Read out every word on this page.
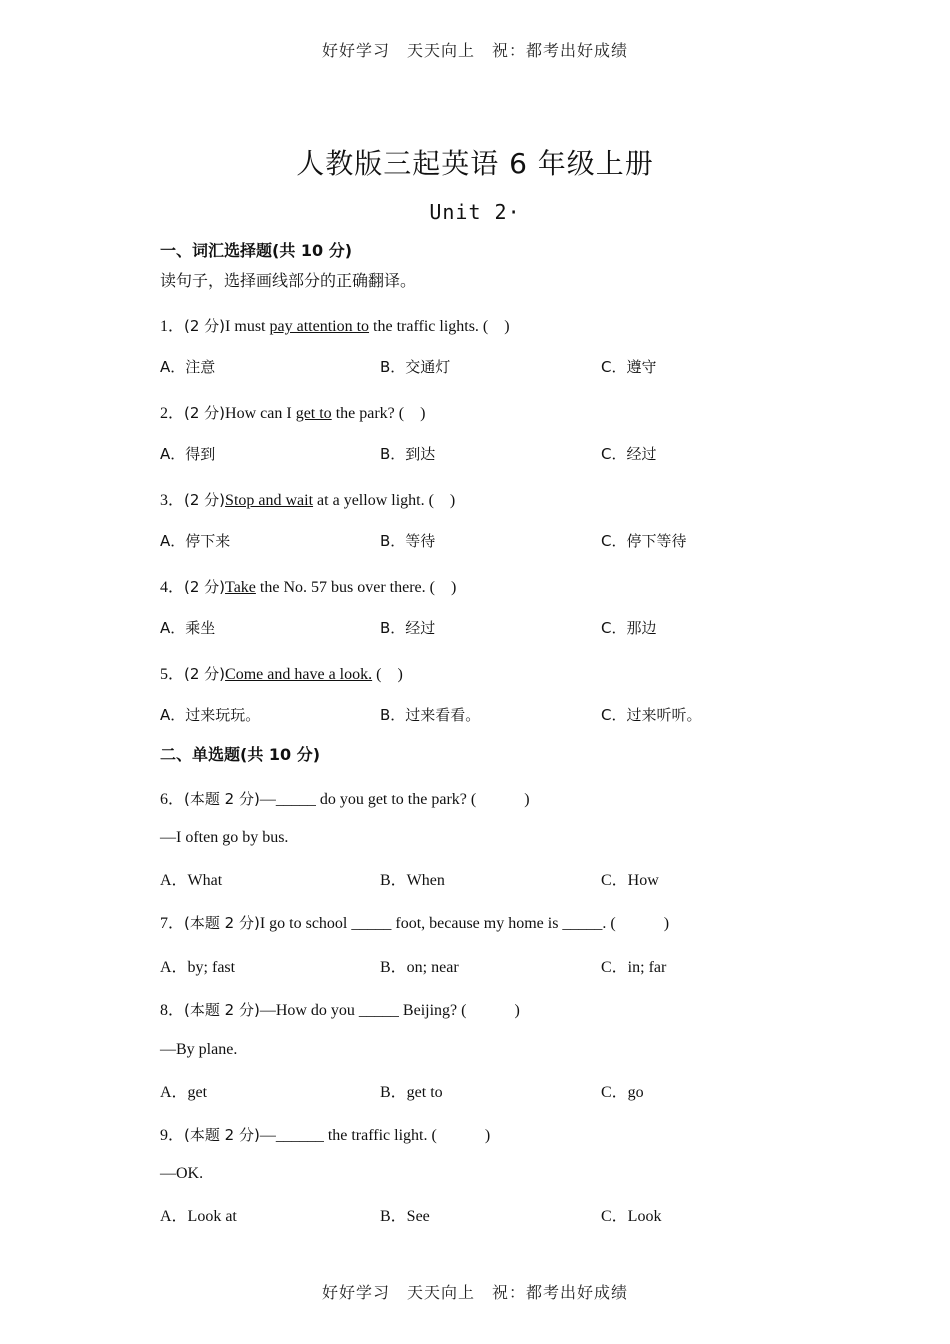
好好学习　天天向上　祝：都考出好成绩
人教版三起英语 6 年级上册
Unit 2·
一、词汇选择题(共 10 分)
读句子，选择画线部分的正确翻译。
1．(2 分)I must pay attention to the traffic lights. (　)
A．注意	B．交通灯	C．遵守
2．(2 分)How can I get to the park? (　)
A．得到	B．到达	C．经过
3．(2 分)Stop and wait at a yellow light. (　)
A．停下来	B．等待	C．停下等待
4．(2 分)Take the No. 57 bus over there. (　)
A．乘坐	B．经过	C．那边
5．(2 分)Come and have a look. (　)
A．过来玩玩。	B．过来看看。	C．过来听听。
二、单选题(共 10 分)
6．(本题 2 分)—_____ do you get to the park? (　　　)
—I often go by bus.
A．What	B．When	C．How
7．(本题 2 分)I go to school _____ foot, because my home is _____. (　　　)
A．by; fast	B．on; near	C．in; far
8．(本题 2 分)—How do you _____ Beijing? (　　　)
—By plane.
A．get	B．get to	C．go
9．(本题 2 分)—______ the traffic light. (　　　)
—OK.
A．Look at	B．See	C．Look
好好学习　天天向上　祝：都考出好成绩
